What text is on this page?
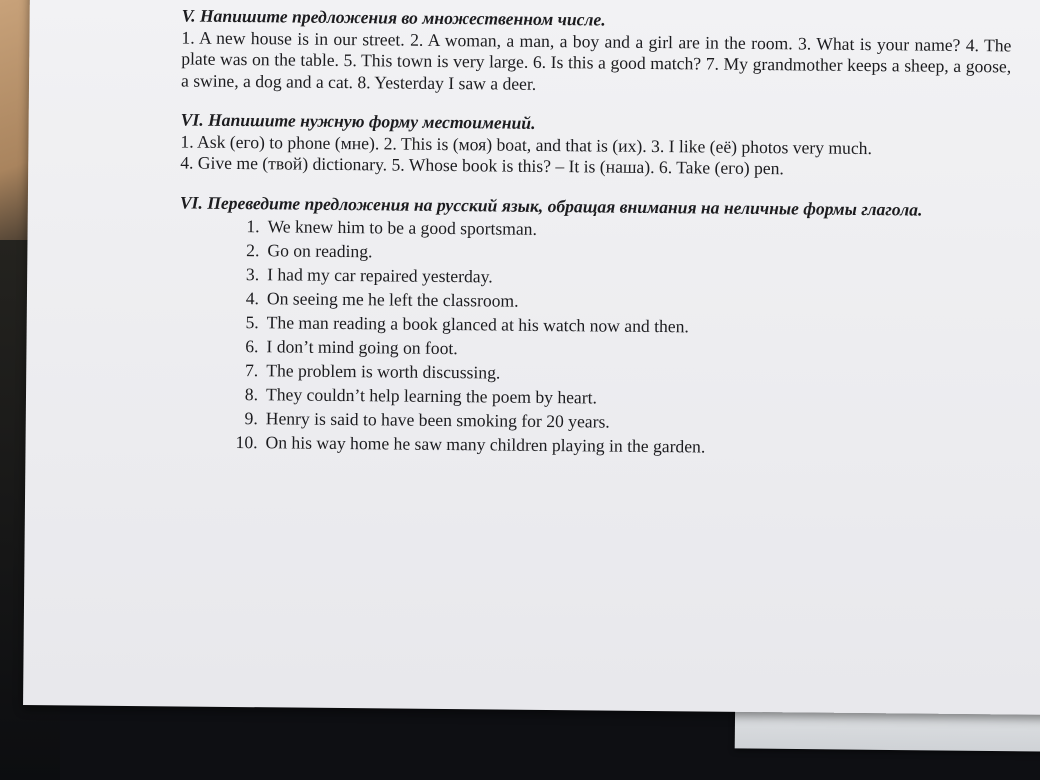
V. Напишите предложения во множественном числе.
1. A new house is in our street. 2. A woman, a man, a boy and a girl are in the room. 3. What is your name? 4. The plate was on the table. 5. This town is very large. 6. Is this a good match? 7. My grandmother keeps a sheep, a goose, a swine, a dog and a cat. 8. Yesterday I saw a deer.
VI. Напишите нужную форму местоимений.
1. Ask (его) to phone (мне). 2. This is (моя) boat, and that is (их). 3. I like (её) photos very much.
4. Give me (твой) dictionary. 5. Whose book is this? – It is (наша). 6. Take (его) pen.
VI. Переведите предложения на русский язык, обращая внимания на неличные формы глагола.
1. We knew him to be a good sportsman.
2. Go on reading.
3. I had my car repaired yesterday.
4. On seeing me he left the classroom.
5. The man reading a book glanced at his watch now and then.
6. I don’t mind going on foot.
7. The problem is worth discussing.
8. They couldn’t help learning the poem by heart.
9. Henry is said to have been smoking for 20 years.
10. On his way home he saw many children playing in the garden.
